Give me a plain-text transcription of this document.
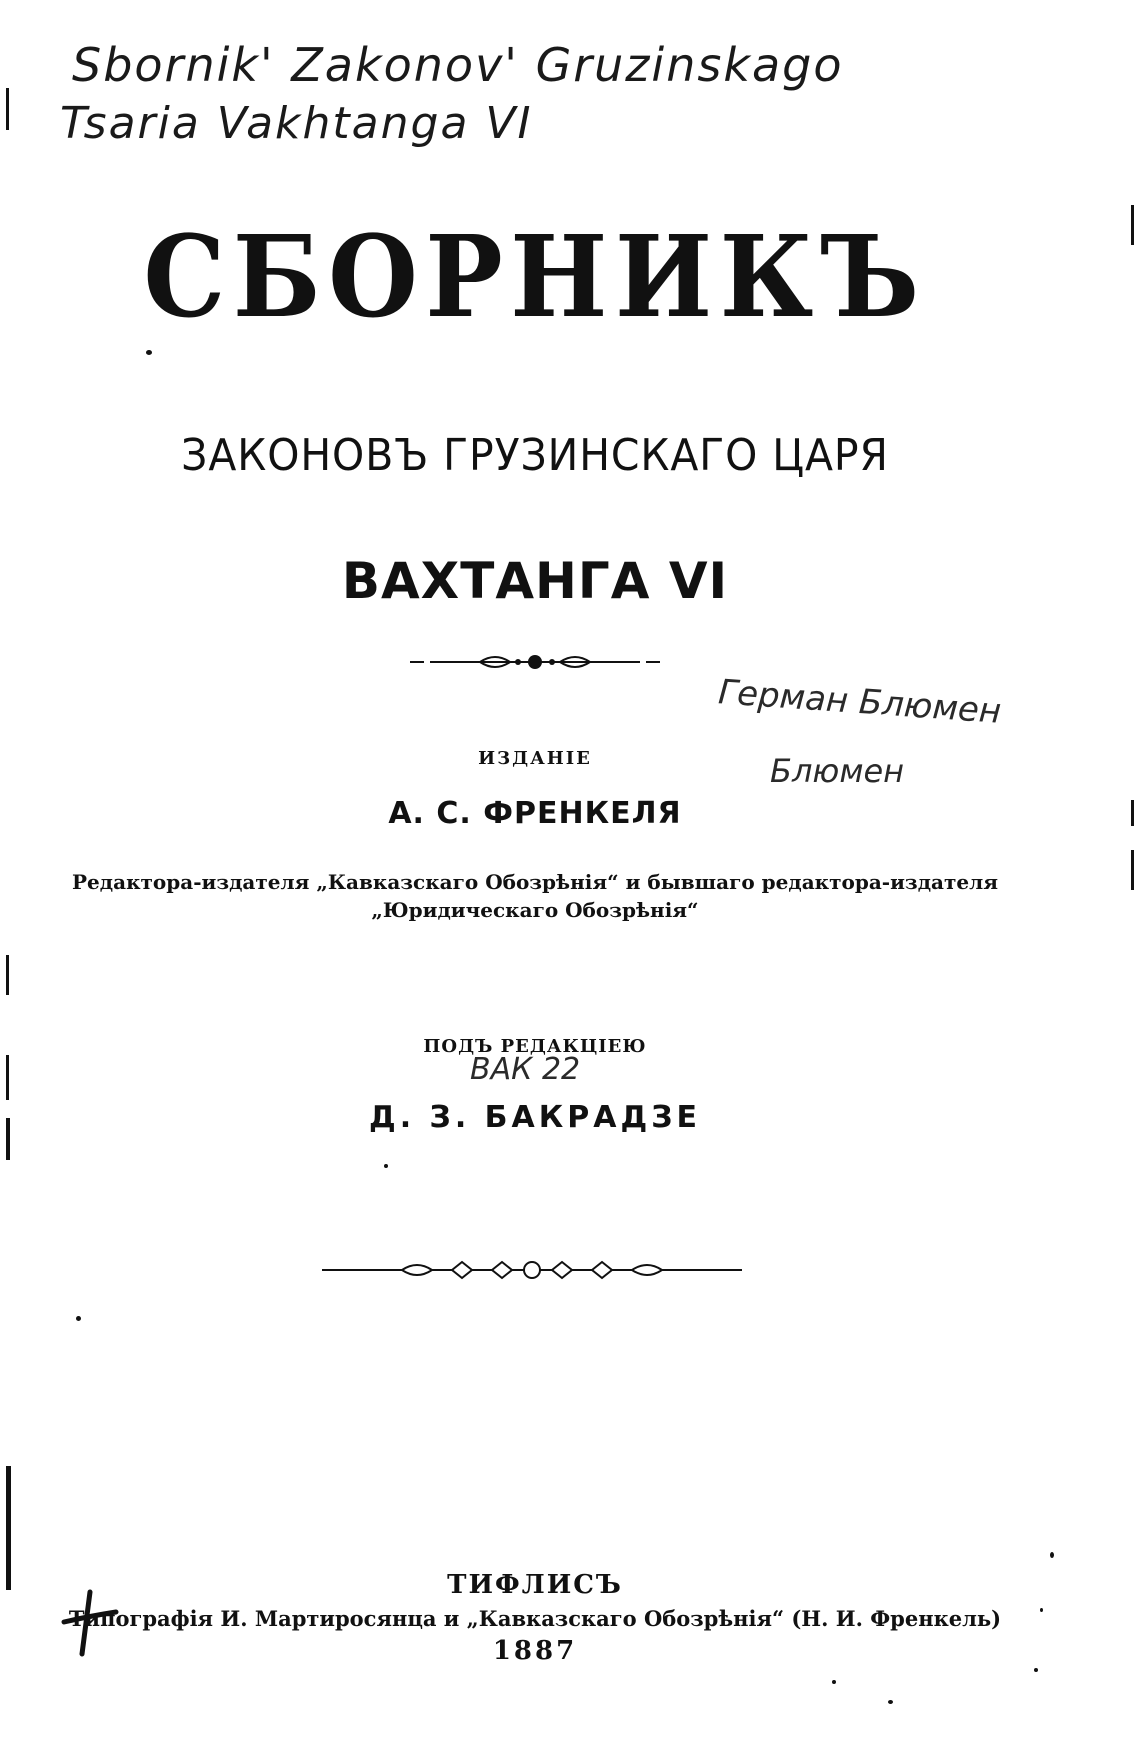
Sbornik' Zakonov' Gruzinskago
Tsaria Vakhtanga VI
СБОРНИКЪ
ЗАКОНОВЪ ГРУЗИНСКАГО ЦАРЯ
ВАХТАНГА VI
Герман Блюмен
Блюмен
ИЗДАНІЕ
А. С. ФРЕНКЕЛЯ
Редактора-издателя „Кавказскаго Обозрѣнія“ и бывшаго редактора-издателя
„Юридическаго Обозрѣнія“
ПОДЪ РЕДАКЦІЕЮ
ВАК 22
Д. З. БАКРАДЗЕ
ТИФЛИСЪ
Типографія И. Мартиросянца и „Кавказскаго Обозрѣнія“ (Н. И. Френкель)
1887
